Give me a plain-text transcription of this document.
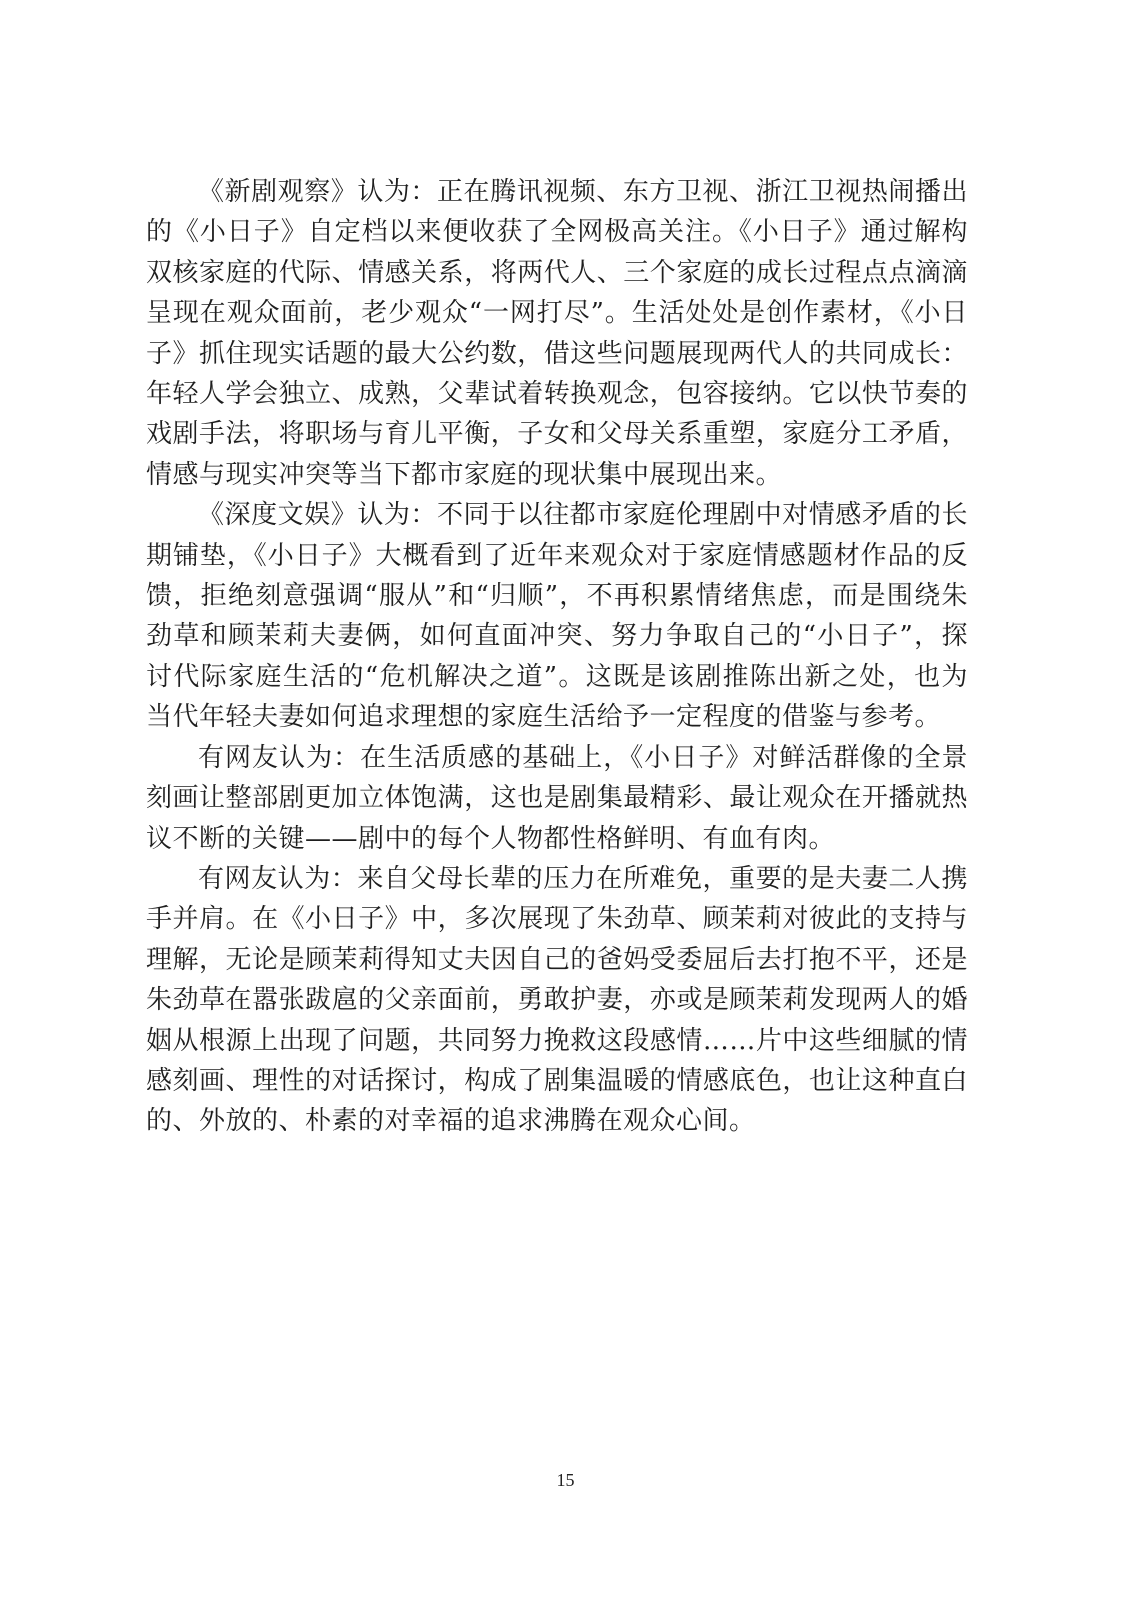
《新剧观察》认为：正在腾讯视频、东方卫视、浙江卫视热闹播出的《小日子》自定档以来便收获了全网极高关注。《小日子》通过解构双核家庭的代际、情感关系，将两代人、三个家庭的成长过程点点滴滴呈现在观众面前，老少观众“一网打尽”。生活处处是创作素材，《小日子》抓住现实话题的最大公约数，借这些问题展现两代人的共同成长：年轻人学会独立、成熟，父辈试着转换观念，包容接纳。它以快节奏的戏剧手法，将职场与育儿平衡，子女和父母关系重塑，家庭分工矛盾，情感与现实冲突等当下都市家庭的现状集中展现出来。

《深度文娱》认为：不同于以往都市家庭伦理剧中对情感矛盾的长期铺垫，《小日子》大概看到了近年来观众对于家庭情感题材作品的反馈，拒绝刻意强调“服从”和“归顺”，不再积累情绪焦虑，而是围绕朱劲草和顾茉莉夫妻俩，如何直面冲突、努力争取自己的“小日子”，探讨代际家庭生活的“危机解决之道”。这既是该剧推陈出新之处，也为当代年轻夫妻如何追求理想的家庭生活给予一定程度的借鉴与参考。

有网友认为：在生活质感的基础上，《小日子》对鲜活群像的全景刻画让整部剧更加立体饱满，这也是剧集最精彩、最让观众在开播就热议不断的关键——剧中的每个人物都性格鲜明、有血有肉。

有网友认为：来自父母长辈的压力在所难免，重要的是夫妻二人携手并肩。在《小日子》中，多次展现了朱劲草、顾茉莉对彼此的支持与理解，无论是顾茉莉得知丈夫因自己的爸妈受委屈后去打抱不平，还是朱劲草在嚣张跋扈的父亲面前，勇敢护妻，亦或是顾茉莉发现两人的婚姻从根源上出现了问题，共同努力挽救这段感情……片中这些细腻的情感刻画、理性的对话探讨，构成了剧集温暖的情感底色，也让这种直白的、外放的、朴素的对幸福的追求沸腾在观众心间。

15
